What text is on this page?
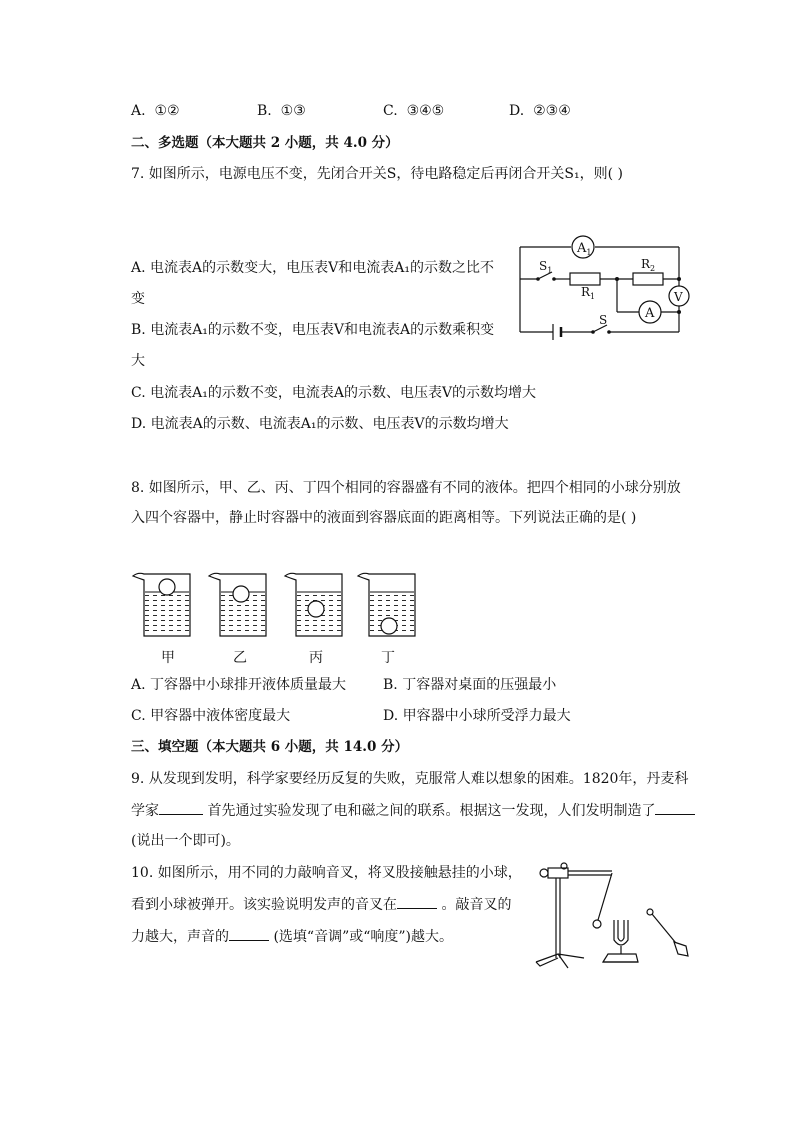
A. ①②	B. ①③	C. ③④⑤	D. ②③④
二、多选题（本大题共 2 小题，共 4.0 分）
7. 如图所示，电源电压不变，先闭合开关S，待电路稳定后再闭合开关S₁，则( )
A. 电流表A的示数变大，电压表V和电流表A₁的示数之比不
变
B. 电流表A₁的示数不变，电压表V和电流表A的示数乘积变
大
C. 电流表A₁的示数不变，电流表A的示数、电压表V的示数均增大
D. 电流表A的示数、电流表A₁的示数、电压表V的示数均增大
$A_1$
A
V
$S_1$
$R_1$
$R_2$
S
8. 如图所示，甲、乙、丙、丁四个相同的容器盛有不同的液体。把四个相同的小球分别放
入四个容器中，静止时容器中的液面到容器底面的距离相等。下列说法正确的是( )
甲	乙	丙	丁
A. 丁容器中小球排开液体质量最大	B. 丁容器对桌面的压强最小
C. 甲容器中液体密度最大	D. 甲容器中小球所受浮力最大
三、填空题（本大题共 6 小题，共 14.0 分）
9. 从发现到发明，科学家要经历反复的失败，克服常人难以想象的困难。1820年，丹麦科
学家	首先通过实验发现了电和磁之间的联系。根据这一发现，人们发明制造了
(说出一个即可)。
10. 如图所示，用不同的力敲响音叉，将叉股接触悬挂的小球，
看到小球被弹开。该实验说明发声的音叉在	。敲音叉的
力越大，声音的	(选填“音调”或“响度”)越大。
